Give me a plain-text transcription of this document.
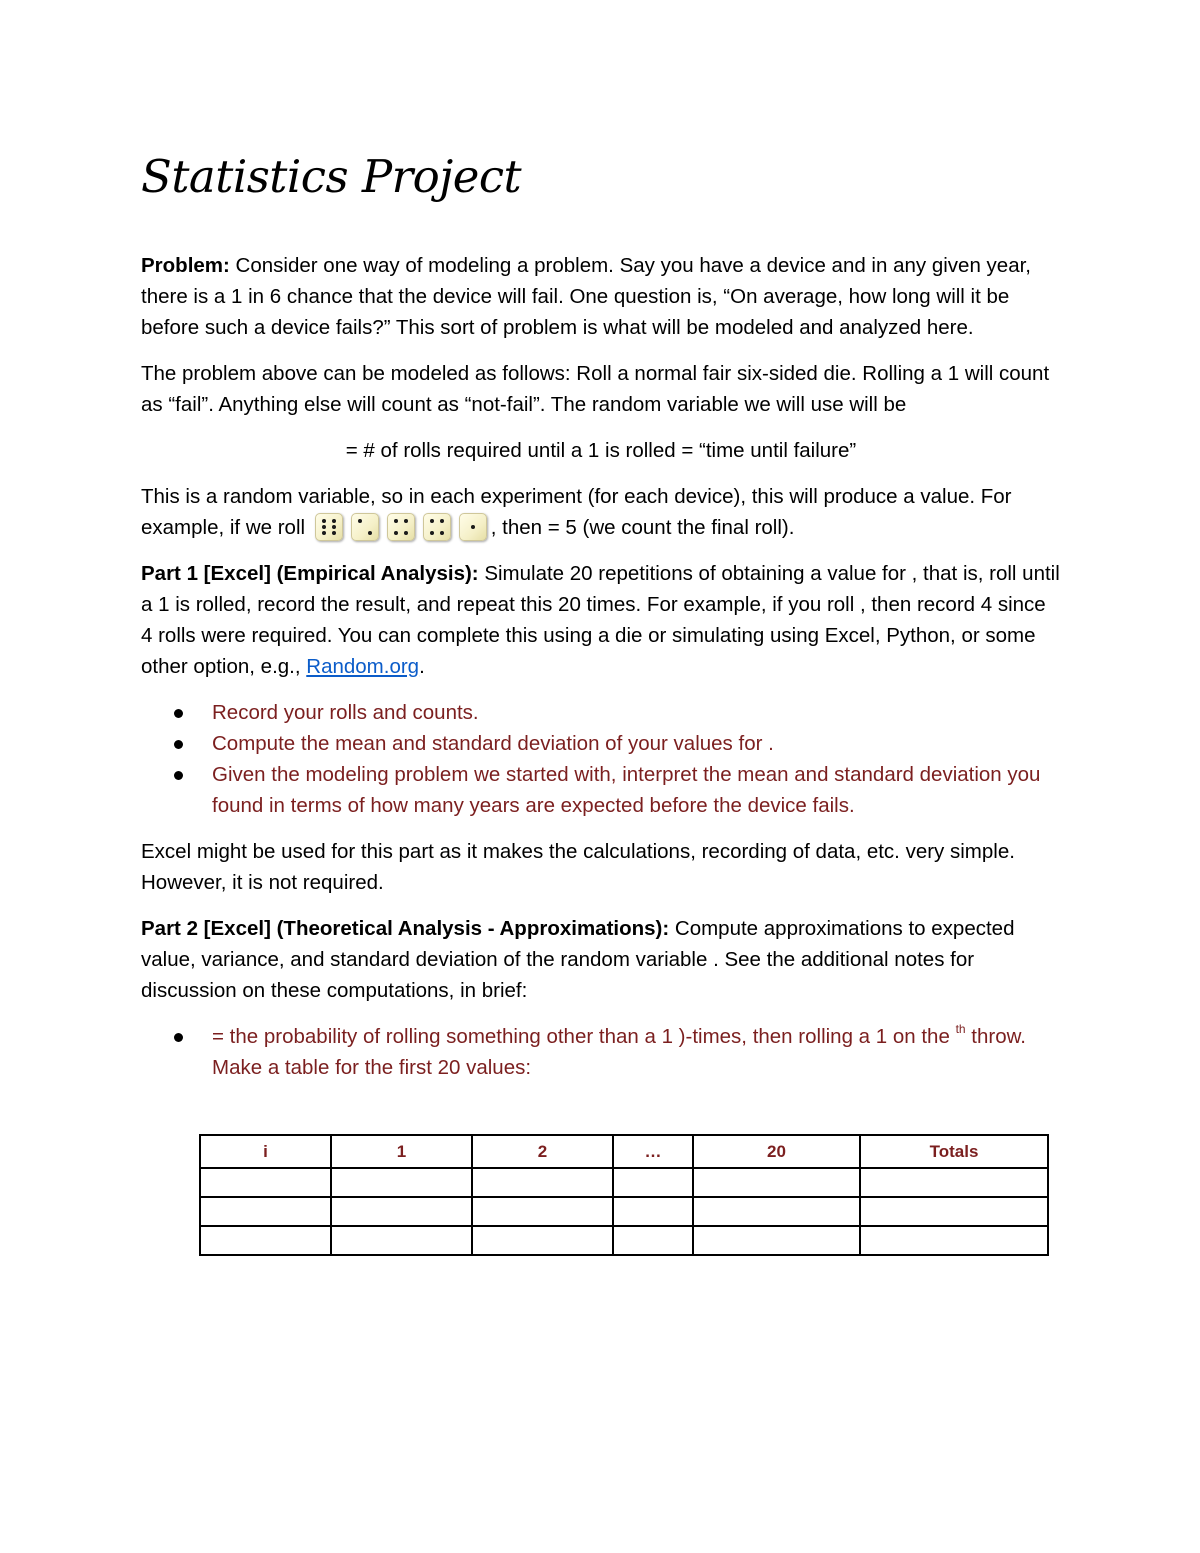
Statistics Project

Problem: Consider one way of modeling a problem. Say you have a device and in any given year, there is a 1 in 6 chance that the device will fail. One question is, “On average, how long will it be before such a device fails?” This sort of problem is what will be modeled and analyzed here.

The problem above can be modeled as follows: Roll a normal fair six-sided die. Rolling a 1 will count as “fail”. Anything else will count as “not-fail”. The random variable we will use will be

= # of rolls required until a 1 is rolled = “time until failure”

This is a random variable, so in each experiment (for each device), this will produce a value. For example, if we roll	, then = 5 (we count the final roll).

Part 1 [Excel] (Empirical Analysis): Simulate 20 repetitions of obtaining a value for , that is, roll until a 1 is rolled, record the result, and repeat this 20 times. For example, if you roll , then record 4 since 4 rolls were required. You can complete this using a die or simulating using Excel, Python, or some other option, e.g., Random.org.

Record your rolls and counts.
Compute the mean and standard deviation of your values for .
Given the modeling problem we started with, interpret the mean and standard deviation you found in terms of how many years are expected before the device fails.

Excel might be used for this part as it makes the calculations, recording of data, etc. very simple. However, it is not required.

Part 2 [Excel] (Theoretical Analysis - Approximations): Compute approximations to expected value, variance, and standard deviation of the random variable . See the additional notes for discussion on these computations, in brief:

= the probability of rolling something other than a 1 )-times, then rolling a 1 on the $^{th}$ throw. Make a table for the first 20 values:
i	1	2	…	20	Totals
